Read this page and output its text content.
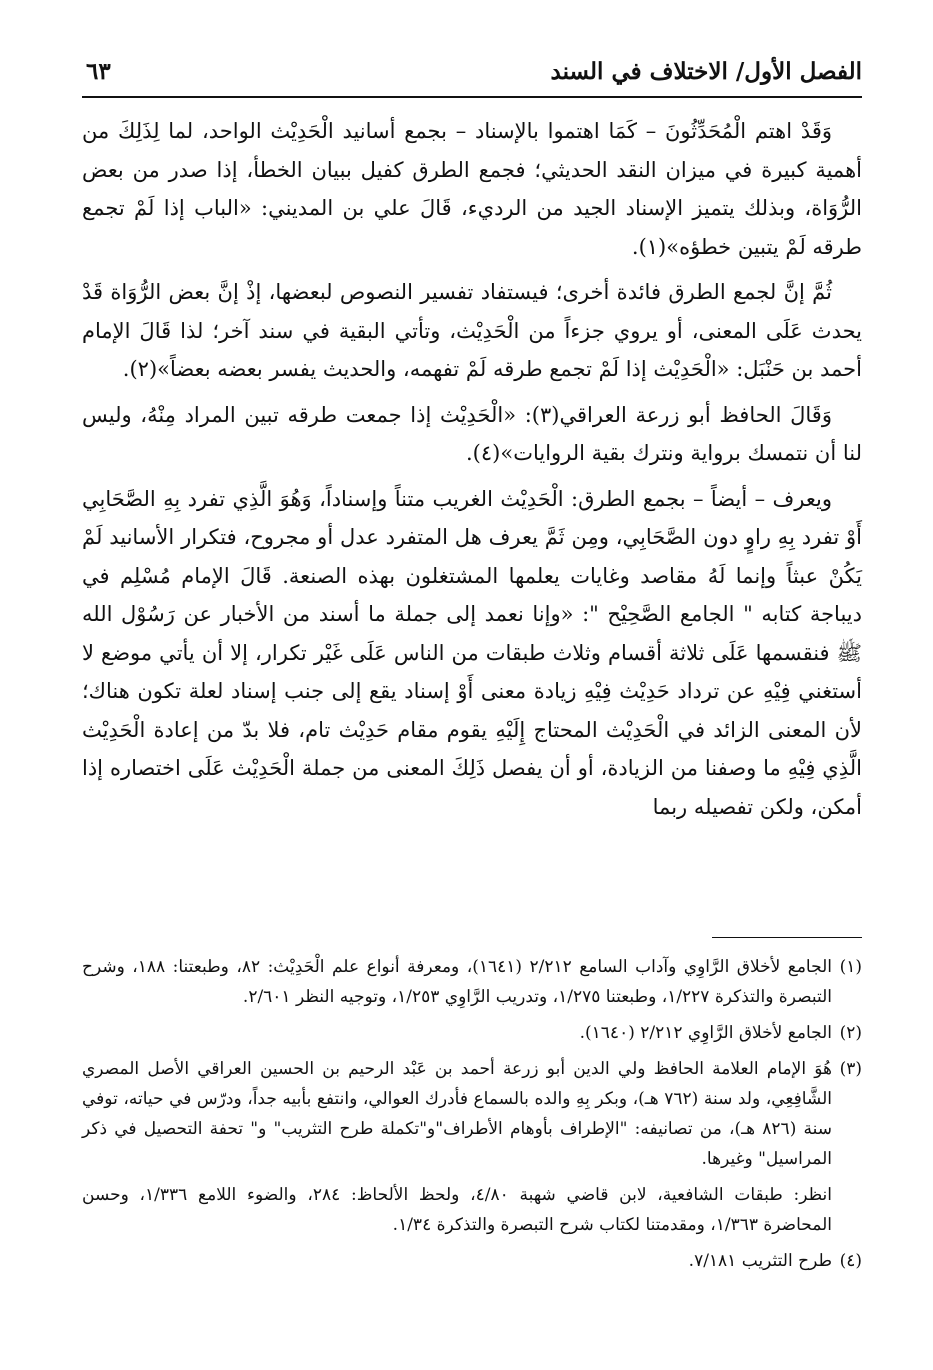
الفصل الأول/ الاختلاف في السند
٦٣

وَقَدْ اهتم الْمُحَدِّثُونَ – كَمَا اهتموا بالإسناد – بجمع أسانيد الْحَدِيْث الواحد، لما لِذَلِكَ من أهمية كبيرة في ميزان النقد الحديثي؛ فجمع الطرق كفيل ببيان الخطأ، إذا صدر من بعض الرُّوَاة، وبذلك يتميز الإسناد الجيد من الرديء، قَالَ علي بن المديني: «الباب إذا لَمْ تجمع طرقه لَمْ يتبين خطؤه»(١).

ثُمَّ إنَّ لجمع الطرق فائدة أخرى؛ فيستفاد تفسير النصوص لبعضها، إذْ إنَّ بعض الرُّوَاة قَدْ يحدث عَلَى المعنى، أو يروي جزءاً من الْحَدِيْث، وتأتي البقية في سند آخر؛ لذا قَالَ الإمام أحمد بن حَنْبَل: «الْحَدِيْث إذا لَمْ تجمع طرقه لَمْ تفهمه، والحديث يفسر بعضه بعضاً»(٢).

وَقَالَ الحافظ أبو زرعة العراقي(٣): «الْحَدِيْث إذا جمعت طرقه تبين المراد مِنْهُ، وليس لنا أن نتمسك برواية ونترك بقية الروايات»(٤).

ويعرف – أيضاً – بجمع الطرق: الْحَدِيْث الغريب متناً وإسناداً، وَهُوَ الَّذِي تفرد بِهِ الصَّحَابِي أَوْ تفرد بِهِ راوٍ دون الصَّحَابِي، ومِن ثَمَّ يعرف هل المتفرد عدل أو مجروح، فتكرار الأسانيد لَمْ يَكُنْ عبثاً وإنما لَهُ مقاصد وغايات يعلمها المشتغلون بهذه الصنعة. قَالَ الإمام مُسْلِم في ديباجة كتابه " الجامع الصَّحِيْح ": «وإنا نعمد إلى جملة ما أسند من الأخبار عن رَسُوْل الله ﷺ فنقسمها عَلَى ثلاثة أقسام وثلاث طبقات من الناس عَلَى غَيْر تكرار، إلا أن يأتي موضع لا أستغني فِيْهِ عن ترداد حَدِيْث فِيْهِ زيادة معنى أَوْ إسناد يقع إلى جنب إسناد لعلة تكون هناك؛ لأن المعنى الزائد في الْحَدِيْث المحتاج إِلَيْهِ يقوم مقام حَدِيْث تام، فلا بدّ من إعادة الْحَدِيْث الَّذِي فِيْهِ ما وصفنا من الزيادة، أو أن يفصل ذَلِكَ المعنى من جملة الْحَدِيْث عَلَى اختصاره إذا أمكن، ولكن تفصيله ربما

(١)
الجامع لأخلاق الرَّاوِي وآداب السامع ٢/٢١٢ (١٦٤١)، ومعرفة أنواع علم الْحَدِيْث: ٨٢، وطبعتنا: ١٨٨، وشرح التبصرة والتذكرة ١/٢٢٧، وطبعتنا ١/٢٧٥، وتدريب الرَّاوِي ١/٢٥٣، وتوجيه النظر ٢/٦٠١.
(٢)
الجامع لأخلاق الرَّاوِي ٢/٢١٢ (١٦٤٠).
(٣)
هُوَ الإمام العلامة الحافظ ولي الدين أبو زرعة أحمد بن عَبْد الرحيم بن الحسين العراقي الأصل المصري الشَّافِعِي، ولد سنة (٧٦٢ هـ)، وبكر بِهِ والده بالسماع فأدرك العوالي، وانتفع بأبيه جداً، ودرّس في حياته، توفي سنة (٨٢٦ هـ)، من تصانيفه: "الإطراف بأوهام الأطراف"و"تكملة طرح التثريب" و" تحفة التحصيل في ذكر المراسيل" وغيرها.
انظر: طبقات الشافعية، لابن قاضي شهبة ٤/٨٠، ولحظ الألحاظ: ٢٨٤، والضوء اللامع ١/٣٣٦، وحسن المحاضرة ١/٣٦٣، ومقدمتنا لكتاب شرح التبصرة والتذكرة ١/٣٤.
(٤)
طرح التثريب ٧/١٨١.
